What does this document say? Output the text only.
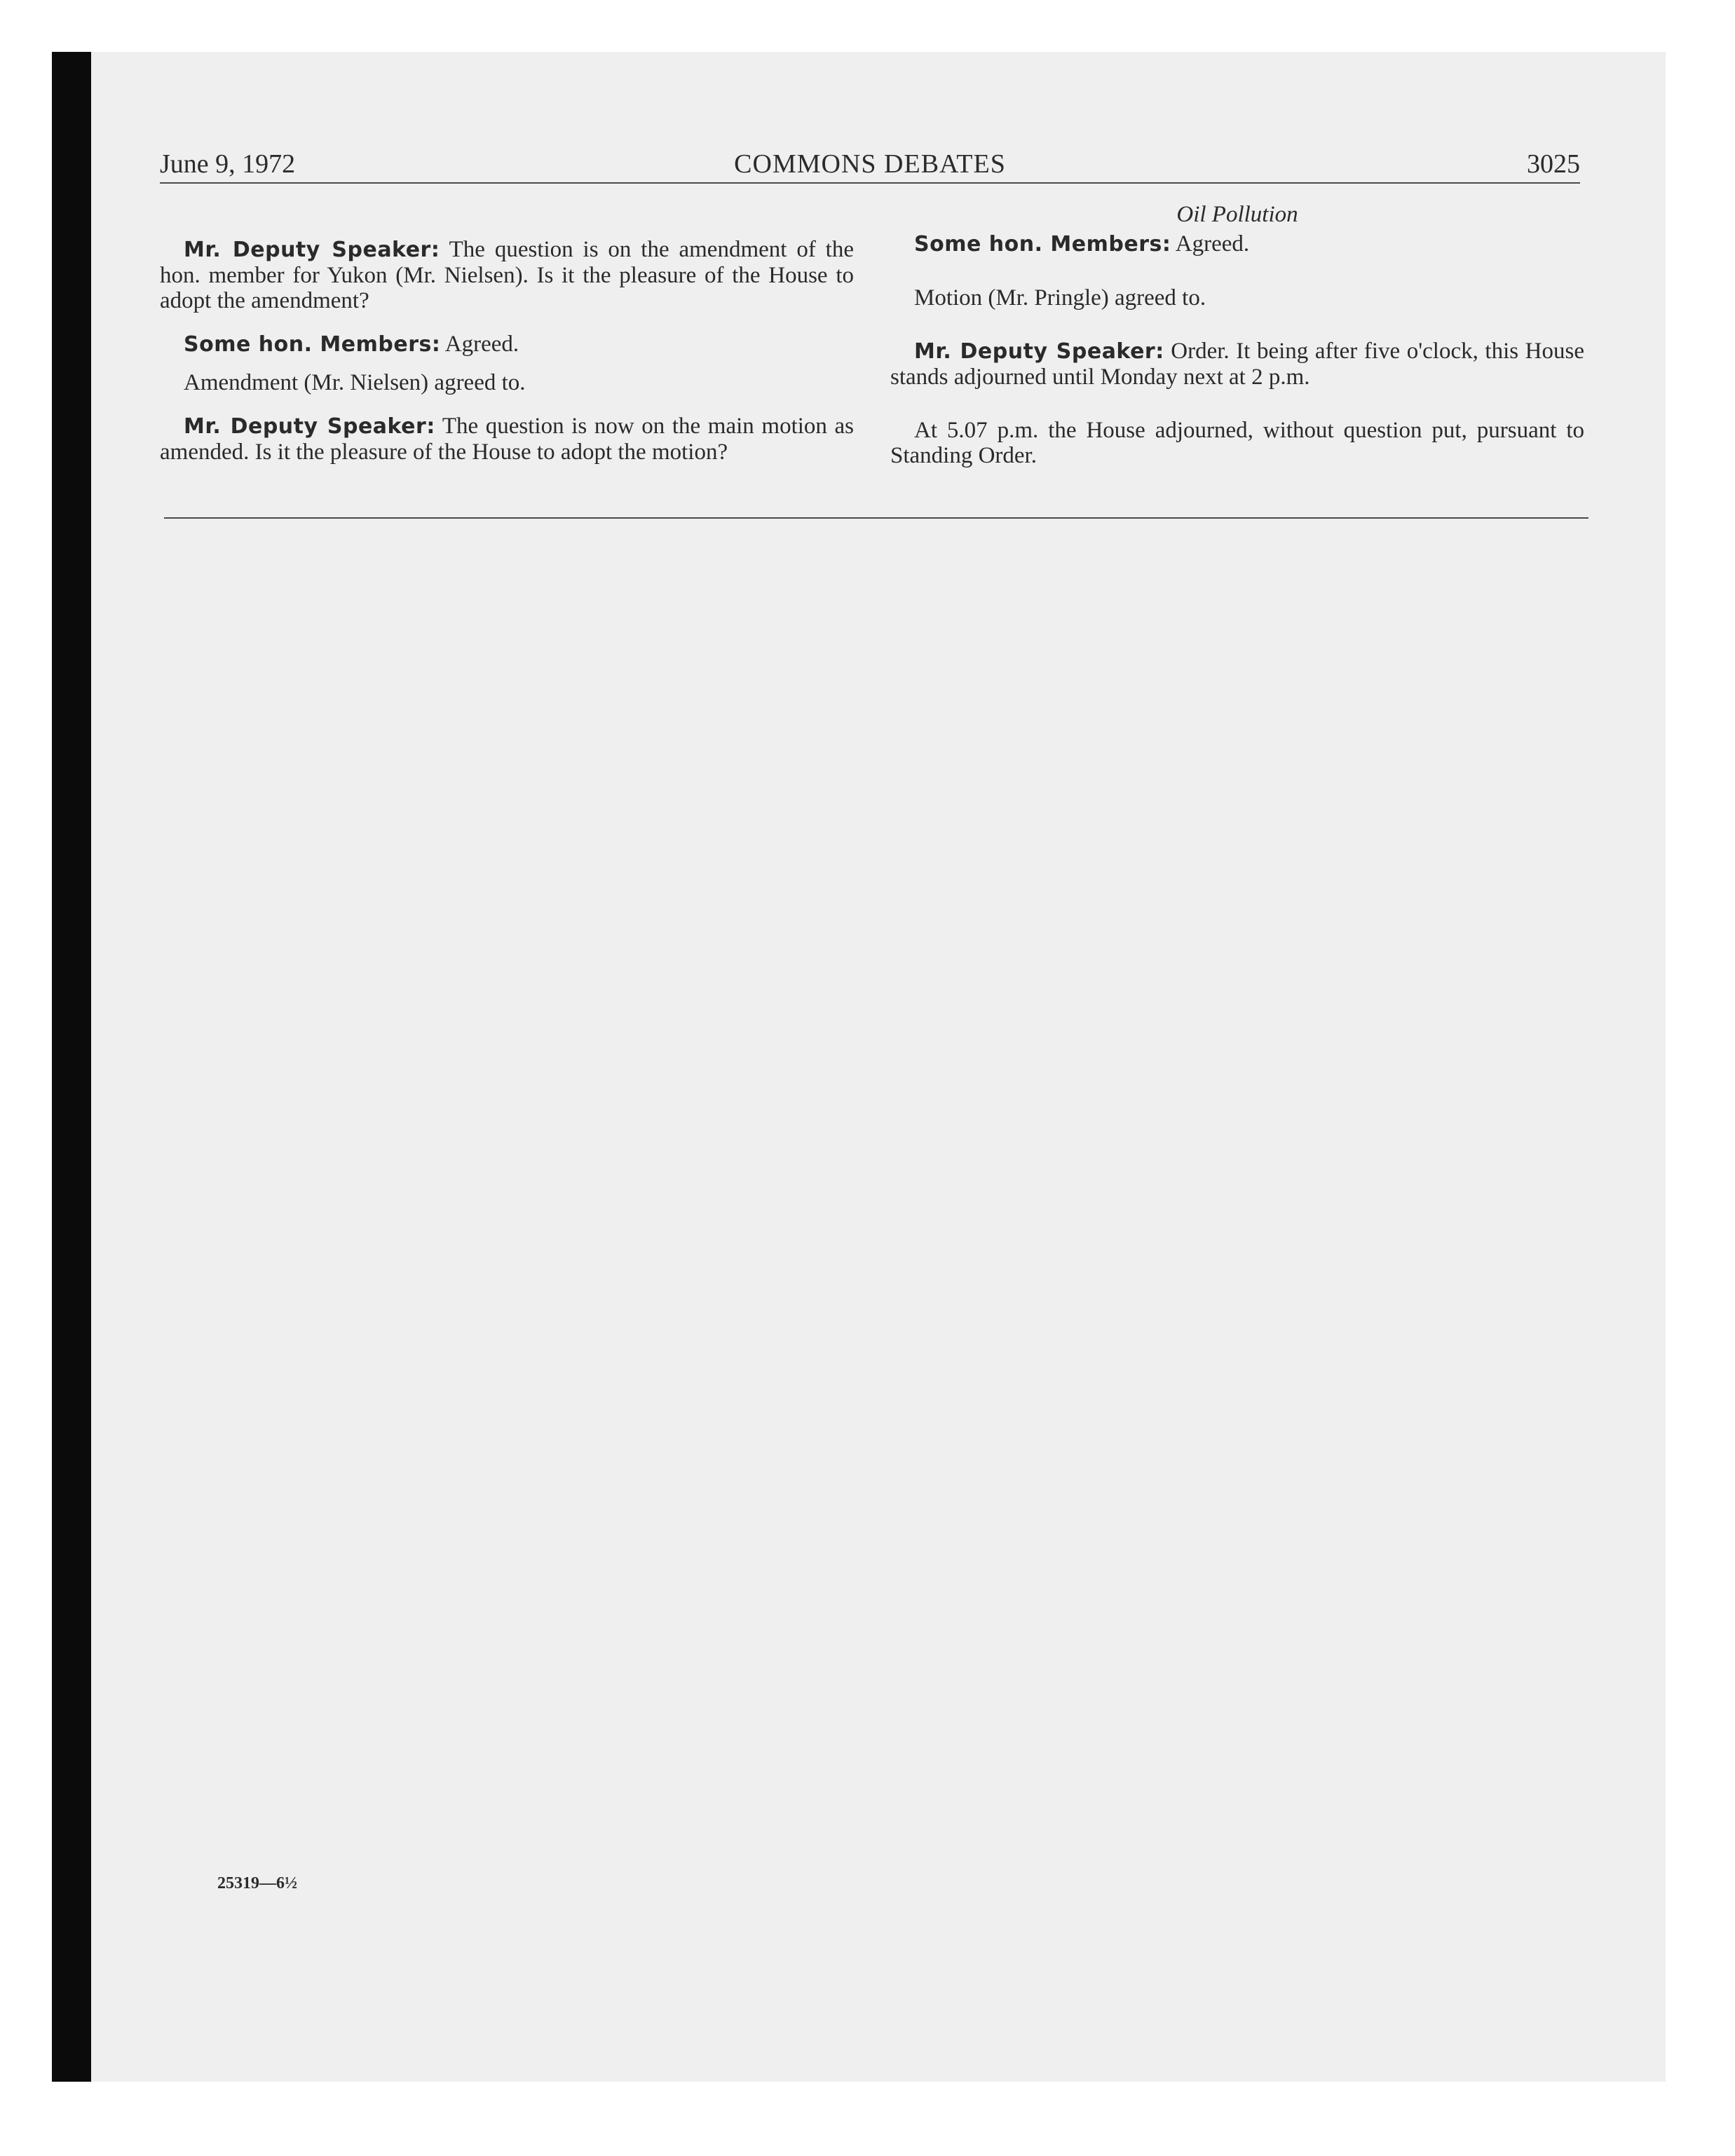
June 9, 1972	COMMONS DEBATES	3025

Mr. Deputy Speaker: The question is on the amendment of the hon. member for Yukon (Mr. Nielsen). Is it the pleasure of the House to adopt the amendment?

Some hon. Members: Agreed.

Amendment (Mr. Nielsen) agreed to.

Mr. Deputy Speaker: The question is now on the main motion as amended. Is it the pleasure of the House to adopt the motion?

Oil Pollution

Some hon. Members: Agreed.

Motion (Mr. Pringle) agreed to.

Mr. Deputy Speaker: Order. It being after five o'clock, this House stands adjourned until Monday next at 2 p.m.

At 5.07 p.m. the House adjourned, without question put, pursuant to Standing Order.

25319—6½
